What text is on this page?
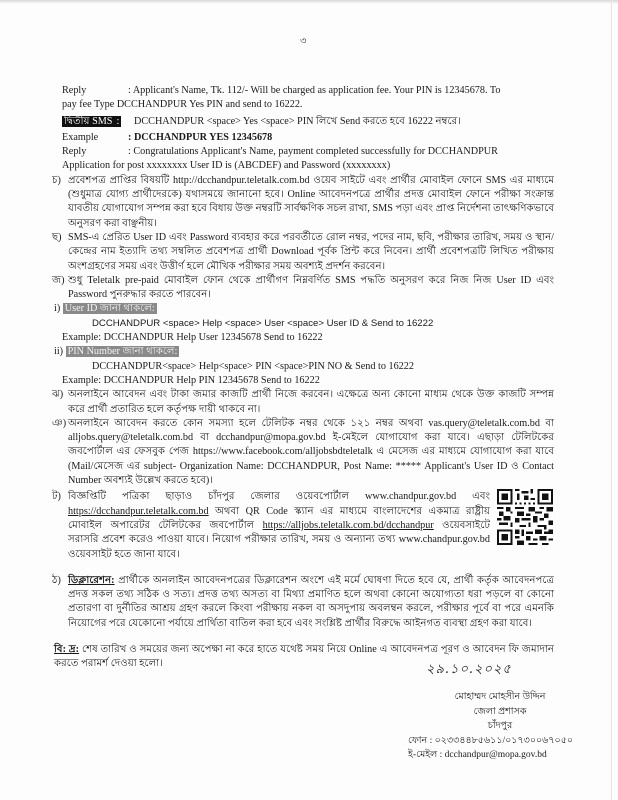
৩
Reply	: Applicant's Name, Tk. 112/- Will be charged as application fee. Your PIN is 12345678. To
pay fee Type DCCHANDPUR Yes PIN and send to 16222.
দ্বিতীয় SMS :	DCCHANDPUR <space> Yes <space> PIN লিখে Send করতে হবে 16222 নম্বরে।
Example	: DCCHANDPUR YES 12345678
Reply	: Congratulations Applicant's Name, payment completed successfully for DCCHANDPUR
Application for post xxxxxxxx User ID is (ABCDEF) and Password (xxxxxxxx)
চ) প্রবেশপত্র প্রাপ্তির বিষয়টি http://dcchandpur.teletalk.com.bd ওয়েব সাইটে এবং প্রার্থীর মোবাইল ফোনে SMS এর মাধ্যমে (শুধুমাত্র যোগ্য প্রার্থীদেরকে) যথাসময়ে জানানো হবে। Online আবেদনপত্রে প্রার্থীর প্রদত্ত মোবাইল ফোনে পরীক্ষা সংক্রান্ত যাবতীয় যোগাযোগ সম্পন্ন করা হবে বিধায় উক্ত নম্বরটি সার্বক্ষণিক সচল রাখা, SMS পড়া এবং প্রাপ্ত নির্দেশনা তাৎক্ষণিকভাবে অনুসরণ করা বাঞ্ছনীয়।
ছ) SMS-এ প্রেরিত User ID এবং Password ব্যবহার করে পরবর্তীতে রোল নম্বর, পদের নাম, ছবি, পরীক্ষার তারিখ, সময় ও স্থান/কেন্দ্রের নাম ইত্যাদি তথ্য সম্বলিত প্রবেশপত্র প্রার্থী Download পূর্বক প্রিন্ট করে নিবেন। প্রার্থী প্রবেশপত্রটি লিখিত পরীক্ষায় অংশগ্রহণের সময় এবং উত্তীর্ণ হলে মৌখিক পরীক্ষার সময় অবশ্যই প্রদর্শন করবেন।
জ) শুধু Teletalk pre-paid মোবাইল ফোন থেকে প্রার্থীগণ নিম্নবর্ণিত SMS পদ্ধতি অনুসরণ করে নিজ নিজ User ID এবং Password পুনরুদ্ধার করতে পারবেন।
i) User ID জানা থাকলে:
DCCHANDPUR <space> Help <space> User <space> User ID & Send to 16222
Example: DCCHANDPUR Help User 12345678 Send to 16222
ii) PIN Number জানা থাকলে:
DCCHANDPUR<space> Help<space> PIN <space>PIN NO & Send to 16222
Example: DCCHANDPUR Help PIN 12345678 Send to 16222
ঝ) অনলাইনে আবেদন এবং টাকা জমার কাজটি প্রার্থী নিজে করবেন। এক্ষেত্রে অন্য কোনো মাধ্যম থেকে উক্ত কাজটি সম্পন্ন করে প্রার্থী প্রতারিত হলে কর্তৃপক্ষ দায়ী থাকবে না।
ঞ) অনলাইনে আবেদন করতে কোন সমস্যা হলে টেলিটক নম্বর থেকে ১২১ নম্বর অথবা vas.query@teletalk.com.bd বা alljobs.query@teletalk.com.bd বা dcchandpur@mopa.gov.bd ই-মেইলে যোগাযোগ করা যাবে। এছাড়া টেলিটকের জবপোর্টাল এর ফেসবুক পেজ https://www.facebook.com/alljobsbdteletalk এ মেসেজ এর মাধ্যমে যোগাযোগ করা যাবে (Mail/মেসেজ এর subject- Organization Name: DCCHANDPUR, Post Name: ***** Applicant's User ID ও Contact Number অবশ্যই উল্লেখ করতে হবে)।
ট) বিজ্ঞপ্তিটি পত্রিকা ছাড়াও চাঁদপুর জেলার ওয়েবপোর্টাল www.chandpur.gov.bd এবং https://dcchandpur.teletalk.com.bd অথবা QR Code স্ক্যান এর মাধ্যমে বাংলাদেশের একমাত্র রাষ্ট্রীয় মোবাইল অপারেটর টেলিটকের জবপোর্টাল https://alljobs.teletalk.com.bd/dcchandpur ওয়েবসাইটে সরাসরি প্রবেশ করেও পাওয়া যাবে। নিয়োগ পরীক্ষার তারিখ, সময় ও অন্যান্য তথ্য www.chandpur.gov.bd ওয়েবসাইট হতে জানা যাবে।
ঠ) ডিক্লারেশন: প্রার্থীকে অনলাইন আবেদনপত্রের ডিক্লারেশন অংশে এই মর্মে ঘোষণা দিতে হবে যে, প্রার্থী কর্তৃক আবেদনপত্রে প্রদত্ত সকল তথ্য সঠিক ও সত্য। প্রদত্ত তথ্য অসত্য বা মিথ্যা প্রমাণিত হলে অথবা কোনো অযোগ্যতা ধরা পড়লে বা কোনো প্রতারণা বা দুর্নীতির আশ্রয় গ্রহণ করলে কিংবা পরীক্ষায় নকল বা অসদুপায় অবলম্বন করলে, পরীক্ষার পূর্বে বা পরে এমনকি নিয়োগের পরে যেকোনো পর্যায়ে প্রার্থিতা বাতিল করা হবে এবং সংশ্লিষ্ট প্রার্থীর বিরুদ্ধে আইনগত ব্যবস্থা গ্রহণ করা যাবে।
বি: দ্র: শেষ তারিখ ও সময়ের জন্য অপেক্ষা না করে হাতে যথেষ্ট সময় নিয়ে Online এ আবেদনপত্র পূরণ ও আবেদন ফি জমাদান করতে পরামর্শ দেওয়া হলো।	২৯.১০.২০২৫
মোহাম্মদ মোহসীন উদ্দিন
জেলা প্রশাসক
চাঁদপুর
ফোন : ০২৩৩৪৪৮৫৬১১/০১৭৩০০৬৭০৫০
ই-মেইল : dcchandpur@mopa.gov.bd
